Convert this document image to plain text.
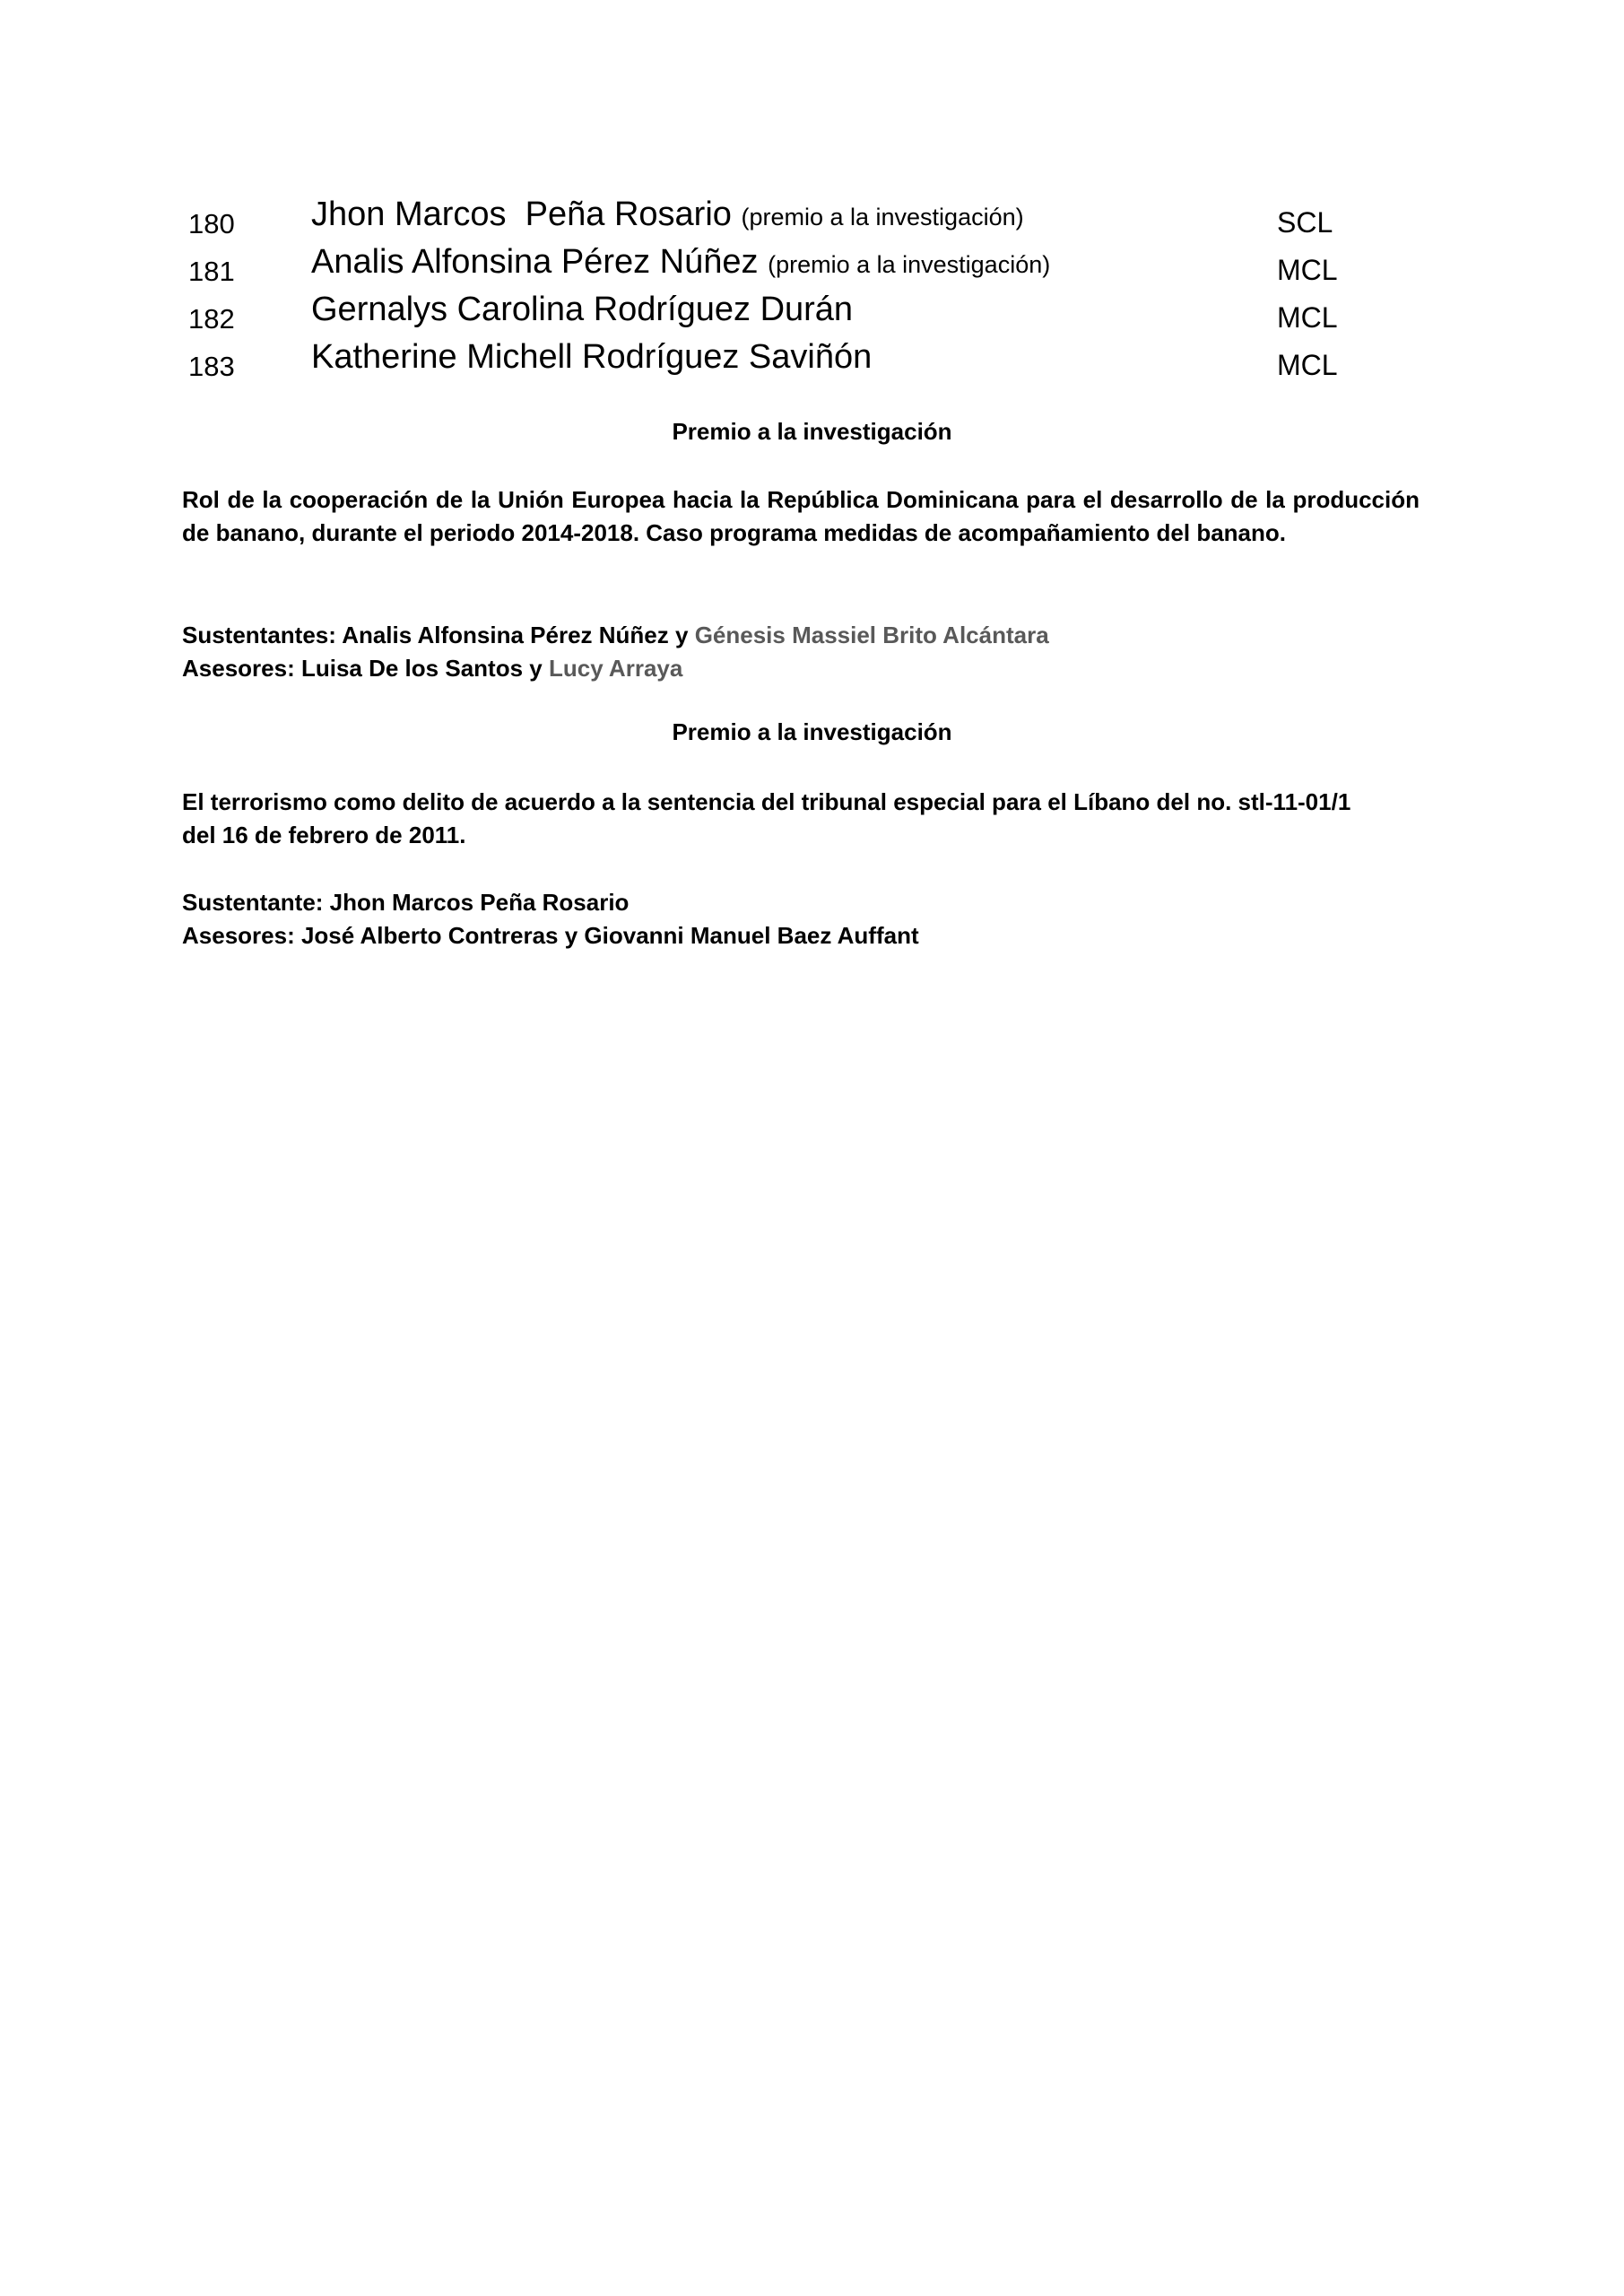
180 Jhon Marcos  Peña Rosario (premio a la investigación)	SCL
181 Analis Alfonsina Pérez Núñez (premio a la investigación)	MCL
182 Gernalys Carolina Rodríguez Durán	MCL
183 Katherine Michell Rodríguez Saviñón	MCL
Premio a la investigación
Rol de la cooperación de la Unión Europea hacia la República Dominicana para el desarrollo de la producción de banano, durante el periodo 2014-2018. Caso programa medidas de acompañamiento del banano.
Sustentantes: Analis Alfonsina Pérez Núñez y Génesis Massiel Brito Alcántara
Asesores: Luisa De los Santos y Lucy Arraya
Premio a la investigación
El terrorismo como delito de acuerdo a la sentencia del tribunal especial para el Líbano del no. stl-11-01/1
del 16 de febrero de 2011.
Sustentante: Jhon Marcos Peña Rosario
Asesores: José Alberto Contreras y Giovanni Manuel Baez Auffant
